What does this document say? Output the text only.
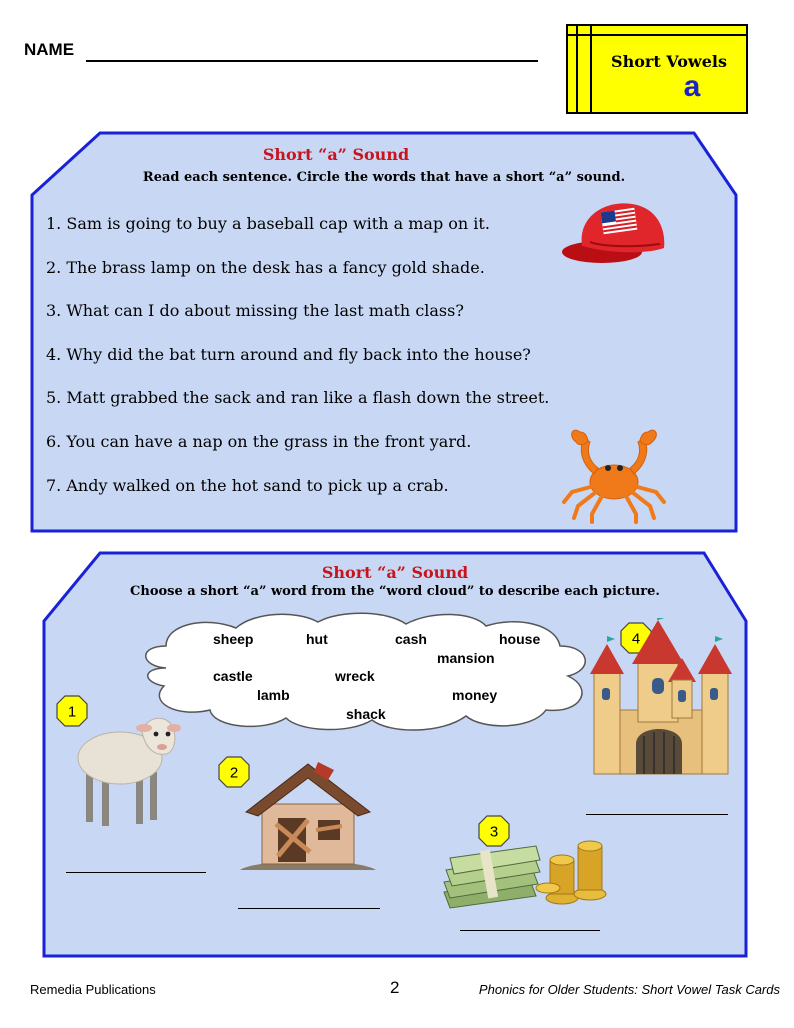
NAME
Short Vowels
a
Short “a” Sound
Read each sentence. Circle the words that have a short “a” sound.
1. Sam is going to buy a baseball cap with a map on it.
2. The brass lamp on the desk has a fancy gold shade.
3. What can I do about missing the last math class?
4. Why did the bat turn around and fly back into the house?
5. Matt grabbed the sack and ran like a flash down the street.
6. You can have a nap on the grass in the front yard.
7. Andy walked on the hot sand to pick up a crab.
Short “a” Sound
Choose a short “a” word from the “word cloud” to describe each picture.
sheep	hut	cash	house
mansion
castle	wreck
lamb	money
shack
1
2
3
4
Remedia Publications	2	Phonics for Older Students: Short Vowel Task Cards
